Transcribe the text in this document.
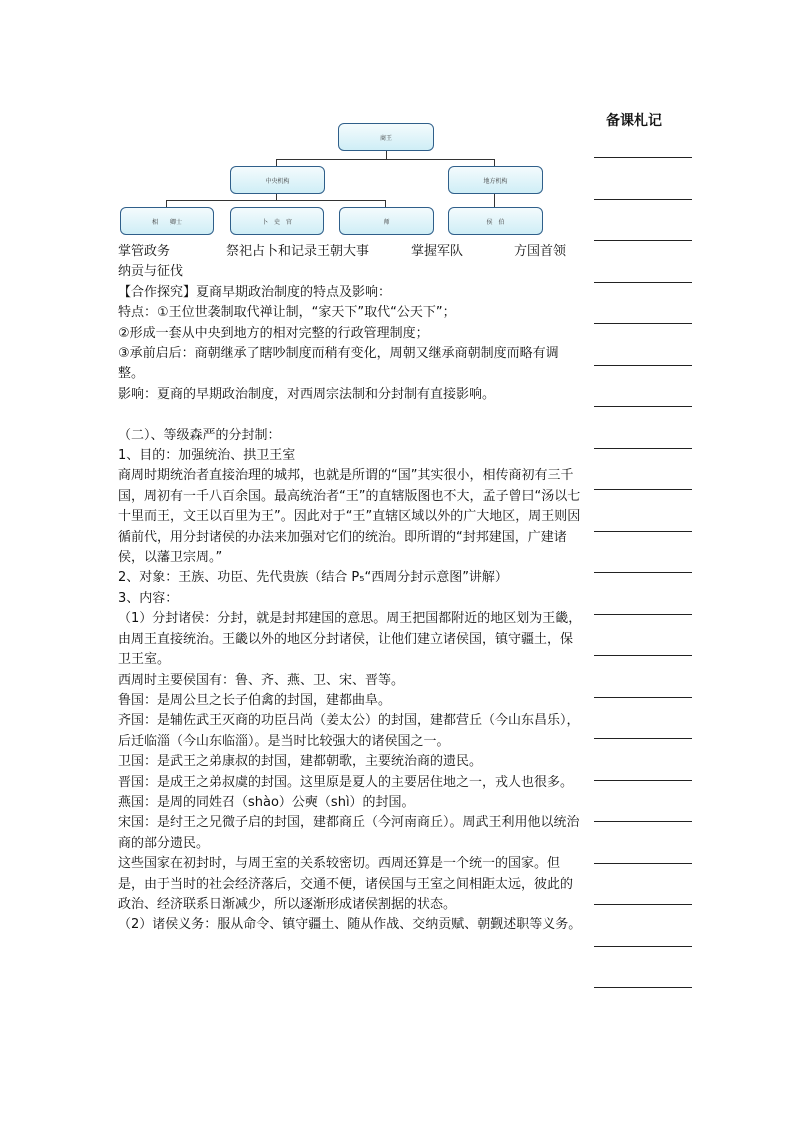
商王
中央机构	地方机构
相　　卿士	卜　史　官	师	侯　伯
掌管政务	祭祀占卜和记录王朝大事	掌握军队	方国首领

纳贡与征伐

【合作探究】夏商早期政治制度的特点及影响：

特点：①王位世袭制取代禅让制，“家天下”取代“公天下”；

②形成一套从中央到地方的相对完整的行政管理制度；

③承前启后：商朝继承了瞎吵制度而稍有变化，周朝又继承商朝制度而略有调整。

影响：夏商的早期政治制度，对西周宗法制和分封制有直接影响。

（二）、等级森严的分封制：

1、目的：加强统治、拱卫王室

商周时期统治者直接治理的城邦，也就是所谓的“国”其实很小，相传商初有三千国，周初有一千八百余国。最高统治者“王”的直辖版图也不大，孟子曾曰“汤以七十里而王，文王以百里为王”。因此对于“王”直辖区域以外的广大地区，周王则因循前代，用分封诸侯的办法来加强对它们的统治。即所谓的“封邦建国，广建诸侯，以藩卫宗周。”

2、对象：王族、功臣、先代贵族（结合 P₅“西周分封示意图”讲解）

3、内容：

（1）分封诸侯：分封，就是封邦建国的意思。周王把国都附近的地区划为王畿，由周王直接统治。王畿以外的地区分封诸侯，让他们建立诸侯国，镇守疆土，保卫王室。

西周时主要侯国有：鲁、齐、燕、卫、宋、晋等。

鲁国：是周公旦之长子伯禽的封国，建都曲阜。

齐国：是辅佐武王灭商的功臣吕尚（姜太公）的封国，建都营丘（今山东昌乐），

后迁临淄（今山东临淄）。是当时比较强大的诸侯国之一。

卫国：是武王之弟康叔的封国，建都朝歌，主要统治商的遗民。

晋国：是成王之弟叔虞的封国。这里原是夏人的主要居住地之一，戎人也很多。

燕国：是周的同姓召（shào）公奭（shì）的封国。

宋国：是纣王之兄微子启的封国，建都商丘（今河南商丘）。周武王利用他以统治商的部分遗民。

这些国家在初封时，与周王室的关系较密切。西周还算是一个统一的国家。但是，由于当时的社会经济落后，交通不便，诸侯国与王室之间相距太远，彼此的政治、经济联系日渐减少，所以逐渐形成诸侯割据的状态。

（2）诸侯义务：服从命令、镇守疆土、随从作战、交纳贡赋、朝觐述职等义务。

备课札记
